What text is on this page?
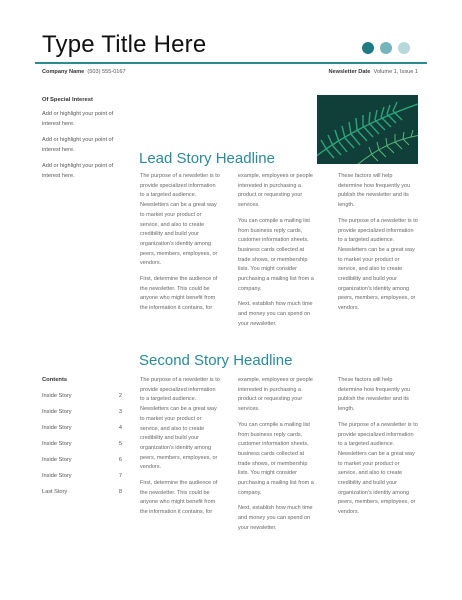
Type Title Here
Company Name (503) 555-0167	Newsletter Date Volume 1, Issue 1
Of Special Interest
Add or highlight your point of interest here.
Add or highlight your point of interest here.
Add or highlight your point of interest here.
Lead Story Headline

The purpose of a newsletter is to provide specialized information to a targeted audience. Newsletters can be a great way to market your product or service, and also to create credibility and build your organization's identity among peers, members, employees, or vendors.

First, determine the audience of the newsletter. This could be anyone who might benefit from the information it contains, for

example, employees or people interested in purchasing a product or requesting your services.

You can compile a mailing list from business reply cards, customer information sheets, business cards collected at trade shows, or membership lists. You might consider purchasing a mailing list from a company.

Next, establish how much time and money you can spend on your newsletter.

These factors will help determine how frequently you publish the newsletter and its length.

The purpose of a newsletter is to provide specialized information to a targeted audience. Newsletters can be a great way to market your product or service, and also to create credibility and build your organization's identity among peers, members, employees, or vendors.

Second Story Headline

The purpose of a newsletter is to provide specialized information to a targeted audience. Newsletters can be a great way to market your product or service, and also to create credibility and build your organization's identity among peers, members, employees, or vendors.

First, determine the audience of the newsletter. This could be anyone who might benefit from the information it contains, for

example, employees or people interested in purchasing a product or requesting your services.

You can compile a mailing list from business reply cards, customer information sheets, business cards collected at trade shows, or membership lists. You might consider purchasing a mailing list from a company.

Next, establish how much time and money you can spend on your newsletter.

These factors will help determine how frequently you publish the newsletter and its length.

The purpose of a newsletter is to provide specialized information to a targeted audience. Newsletters can be a great way to market your product or service, and also to create credibility and build your organization's identity among peers, members, employees, or vendors.

Contents
Inside Story	2
Inside Story	3
Inside Story	4
Inside Story	5
Inside Story	6
Inside Story	7
Last Story	8
